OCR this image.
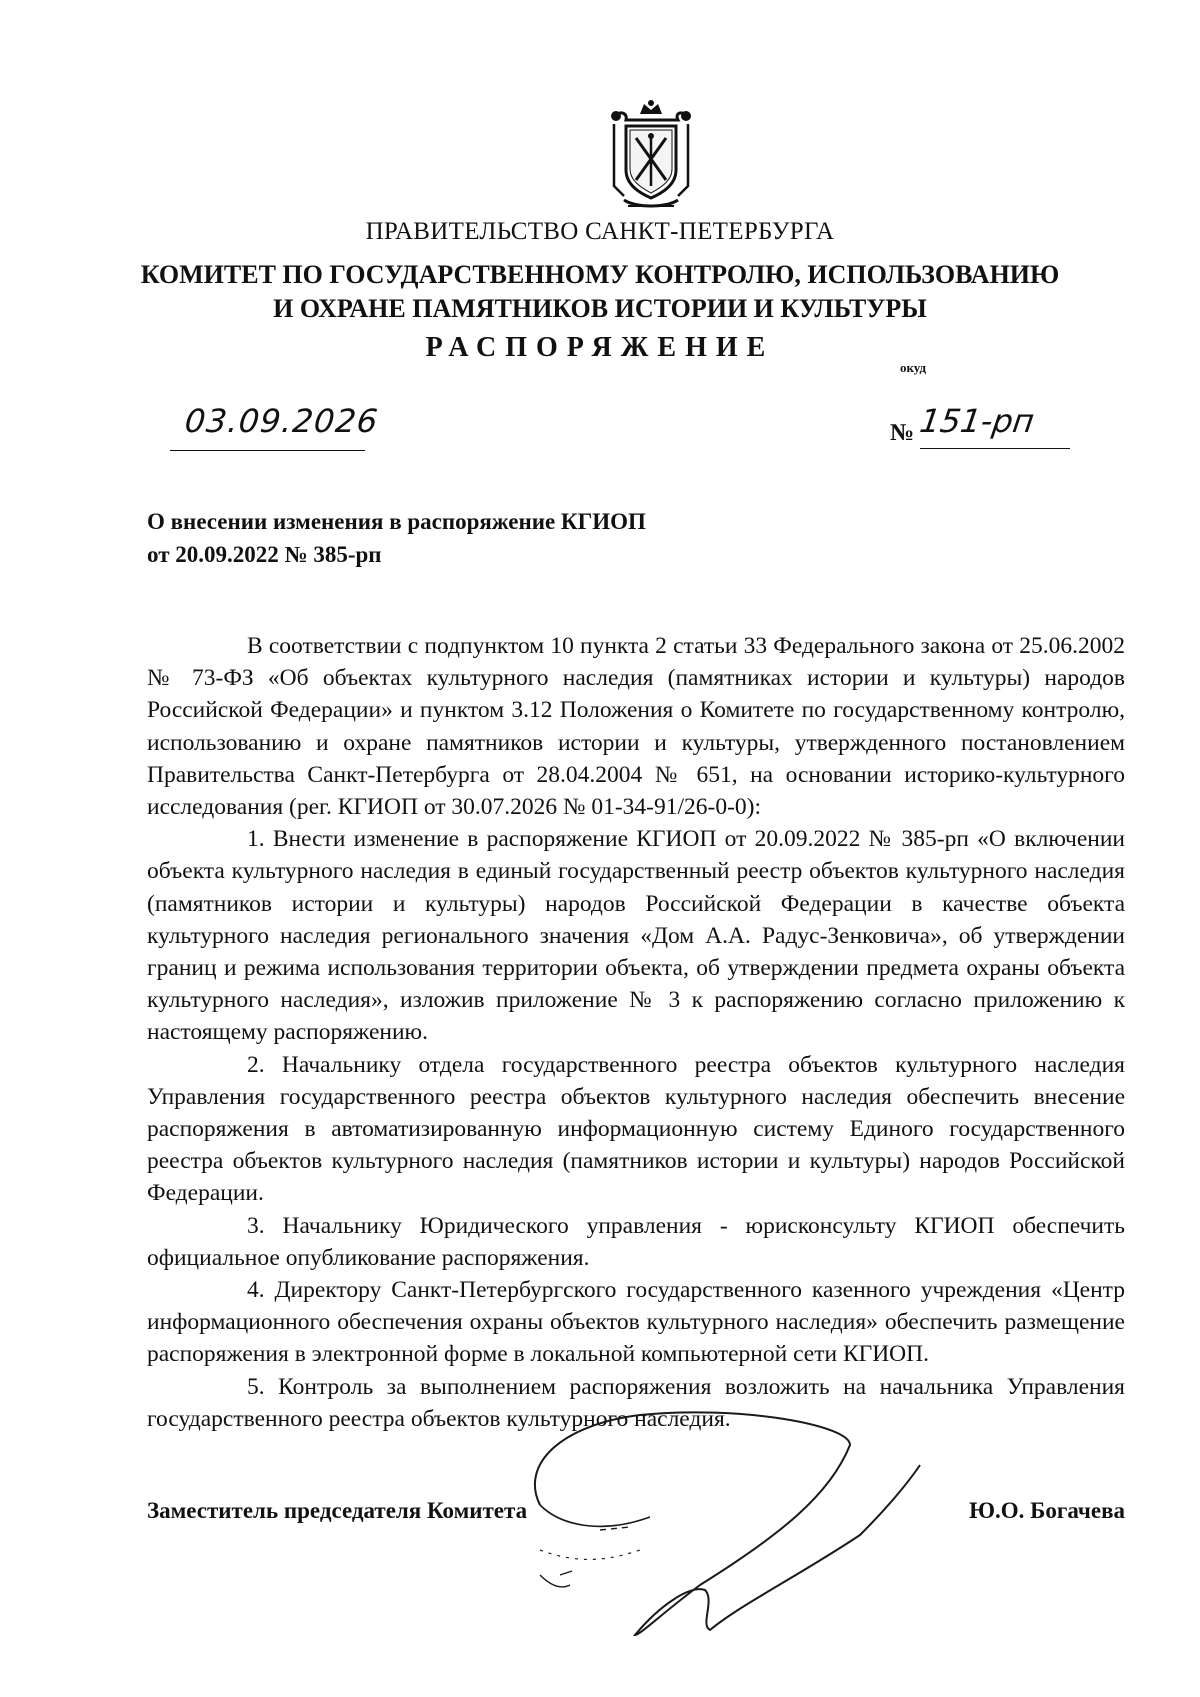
ПРАВИТЕЛЬСТВО САНКТ-ПЕТЕРБУРГА
КОМИТЕТ ПО ГОСУДАРСТВЕННОМУ КОНТРОЛЮ, ИСПОЛЬЗОВАНИЮ
И ОХРАНЕ ПАМЯТНИКОВ ИСТОРИИ И КУЛЬТУРЫ
РАСПОРЯЖЕНИЕ
окуд
03.09.2026	№ 151-рп
О внесении изменения в распоряжение КГИОП
от 20.09.2022 № 385-рп

В соответствии с подпунктом 10 пункта 2 статьи 33 Федерального закона от 25.06.2002 № 73-ФЗ «Об объектах культурного наследия (памятниках истории и культуры) народов Российской Федерации» и пунктом 3.12 Положения о Комитете по государственному контролю, использованию и охране памятников истории и культуры, утвержденного постановлением Правительства Санкт-Петербурга от 28.04.2004 № 651, на основании историко-культурного исследования (рег. КГИОП от 30.07.2026 № 01-34-91/26-0-0):

1. Внести изменение в распоряжение КГИОП от 20.09.2022 № 385-рп «О включении объекта культурного наследия в единый государственный реестр объектов культурного наследия (памятников истории и культуры) народов Российской Федерации в качестве объекта культурного наследия регионального значения «Дом А.А. Радус-Зенковича», об утверждении границ и режима использования территории объекта, об утверждении предмета охраны объекта культурного наследия», изложив приложение № 3 к распоряжению согласно приложению к настоящему распоряжению.

2. Начальнику отдела государственного реестра объектов культурного наследия Управления государственного реестра объектов культурного наследия обеспечить внесение распоряжения в автоматизированную информационную систему Единого государственного реестра объектов культурного наследия (памятников истории и культуры) народов Российской Федерации.

3. Начальнику Юридического управления - юрисконсульту КГИОП обеспечить официальное опубликование распоряжения.

4. Директору Санкт-Петербургского государственного казенного учреждения «Центр информационного обеспечения охраны объектов культурного наследия» обеспечить размещение распоряжения в электронной форме в локальной компьютерной сети КГИОП.

5. Контроль за выполнением распоряжения возложить на начальника Управления государственного реестра объектов культурного наследия.

Заместитель председателя Комитета	Ю.О. Богачева
